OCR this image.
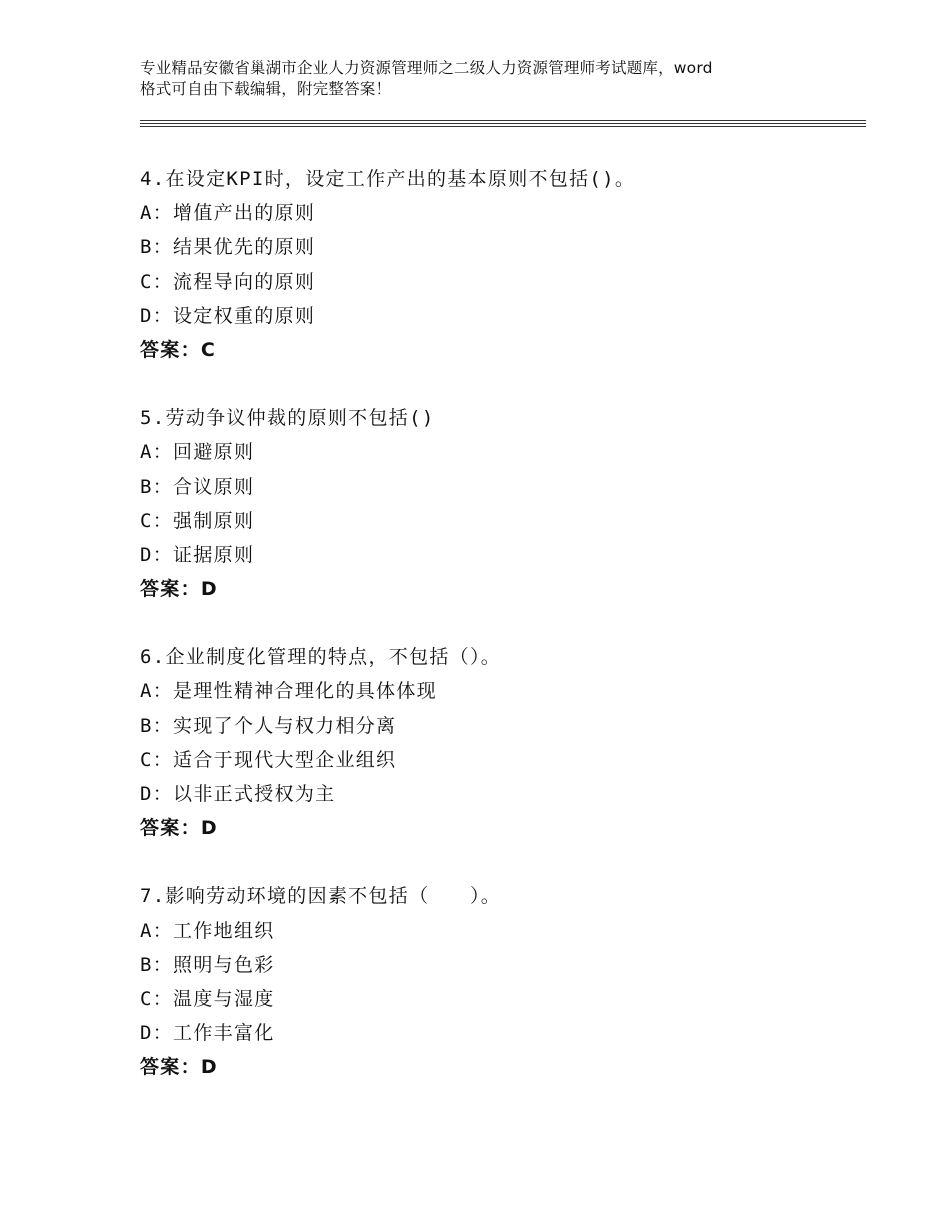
专业精品安徽省巢湖市企业人力资源管理师之二级人力资源管理师考试题库，word
格式可自由下载编辑，附完整答案！
4.在设定KPI时，设定工作产出的基本原则不包括()。
A：增值产出的原则
B：结果优先的原则
C：流程导向的原则
D：设定权重的原则
答案：C
5.劳动争议仲裁的原则不包括()
A：回避原则
B：合议原则
C：强制原则
D：证据原则
答案：D
6.企业制度化管理的特点，不包括（）。
A：是理性精神合理化的具体体现
B：实现了个人与权力相分离
C：适合于现代大型企业组织
D：以非正式授权为主
答案：D
7.影响劳动环境的因素不包括（　　）。
A：工作地组织
B：照明与色彩
C：温度与湿度
D：工作丰富化
答案：D
